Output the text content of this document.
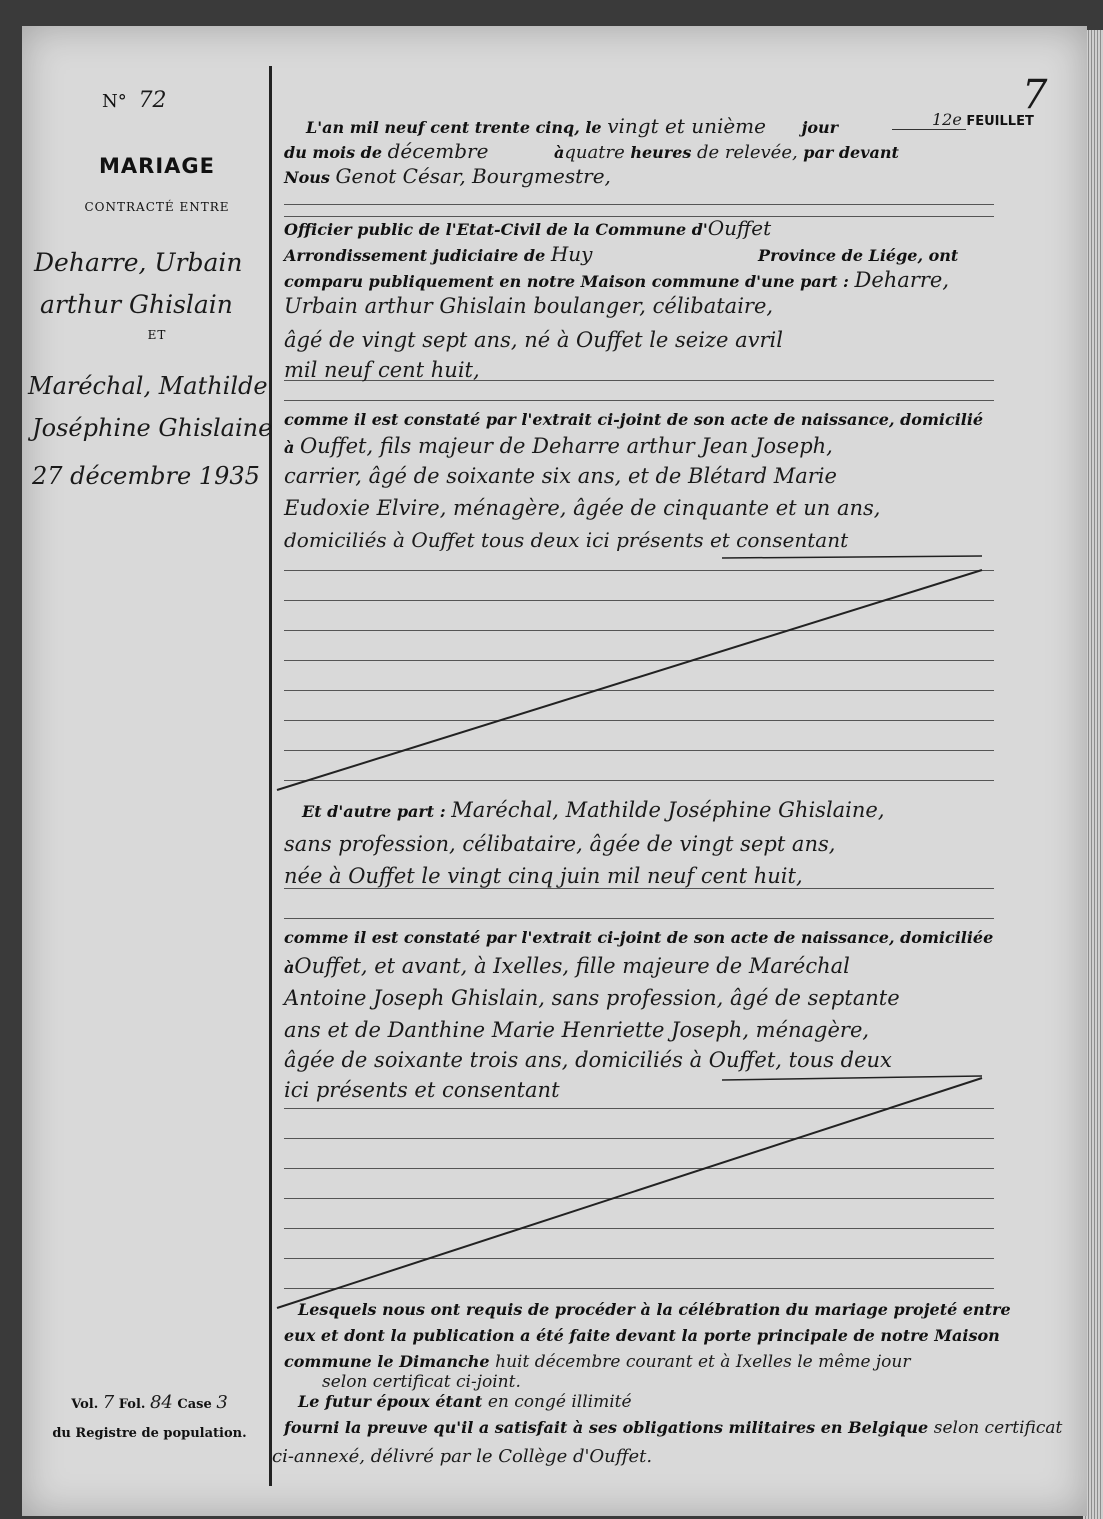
N° 72
12e FEUILLET
7
MARIAGE
CONTRACTÉ ENTRE
Deharre, Urbain
arthur Ghislain
ET
Maréchal, Mathilde
Joséphine Ghislaine
27 décembre 1935
Vol. 7 Fol. 84 Case 3
du Registre de population.
L'an mil neuf cent trente cinq, le vingt et unième jour
du mois de décembre	àquatre heures de relevée, par devant
Nous Genot César, Bourgmestre,
Officier public de l'Etat-Civil de la Commune d'Ouffet
Arrondissement judiciaire de Huy	Province de Liége, ont
comparu publiquement en notre Maison commune d'une part : Deharre,
Urbain arthur Ghislain boulanger, célibataire,
âgé de vingt sept ans, né à Ouffet le seize avril
mil neuf cent huit,
comme il est constaté par l'extrait ci-joint de son acte de naissance, domicilié
à Ouffet, fils majeur de Deharre arthur Jean Joseph,
carrier, âgé de soixante six ans, et de Blétard Marie
Eudoxie Elvire, ménagère, âgée de cinquante et un ans,
domiciliés à Ouffet tous deux ici présents et consentant
Et d'autre part : Maréchal, Mathilde Joséphine Ghislaine,
sans profession, célibataire, âgée de vingt sept ans,
née à Ouffet le vingt cinq juin mil neuf cent huit,
comme il est constaté par l'extrait ci-joint de son acte de naissance, domiciliée
àOuffet, et avant, à Ixelles, fille majeure de Maréchal
Antoine Joseph Ghislain, sans profession, âgé de septante
ans et de Danthine Marie Henriette Joseph, ménagère,
âgée de soixante trois ans, domiciliés à Ouffet, tous deux
ici présents et consentant
Lesquels nous ont requis de procéder à la célébration du mariage projeté entre
eux et dont la publication a été faite devant la porte principale de notre Maison
commune le Dimanche huit décembre courant et à Ixelles le même jour
selon certificat ci-joint.
Le futur époux étant en congé illimité
fourni la preuve qu'il a satisfait à ses obligations militaires en Belgique selon certificat
ci-annexé, délivré par le Collège d'Ouffet.
